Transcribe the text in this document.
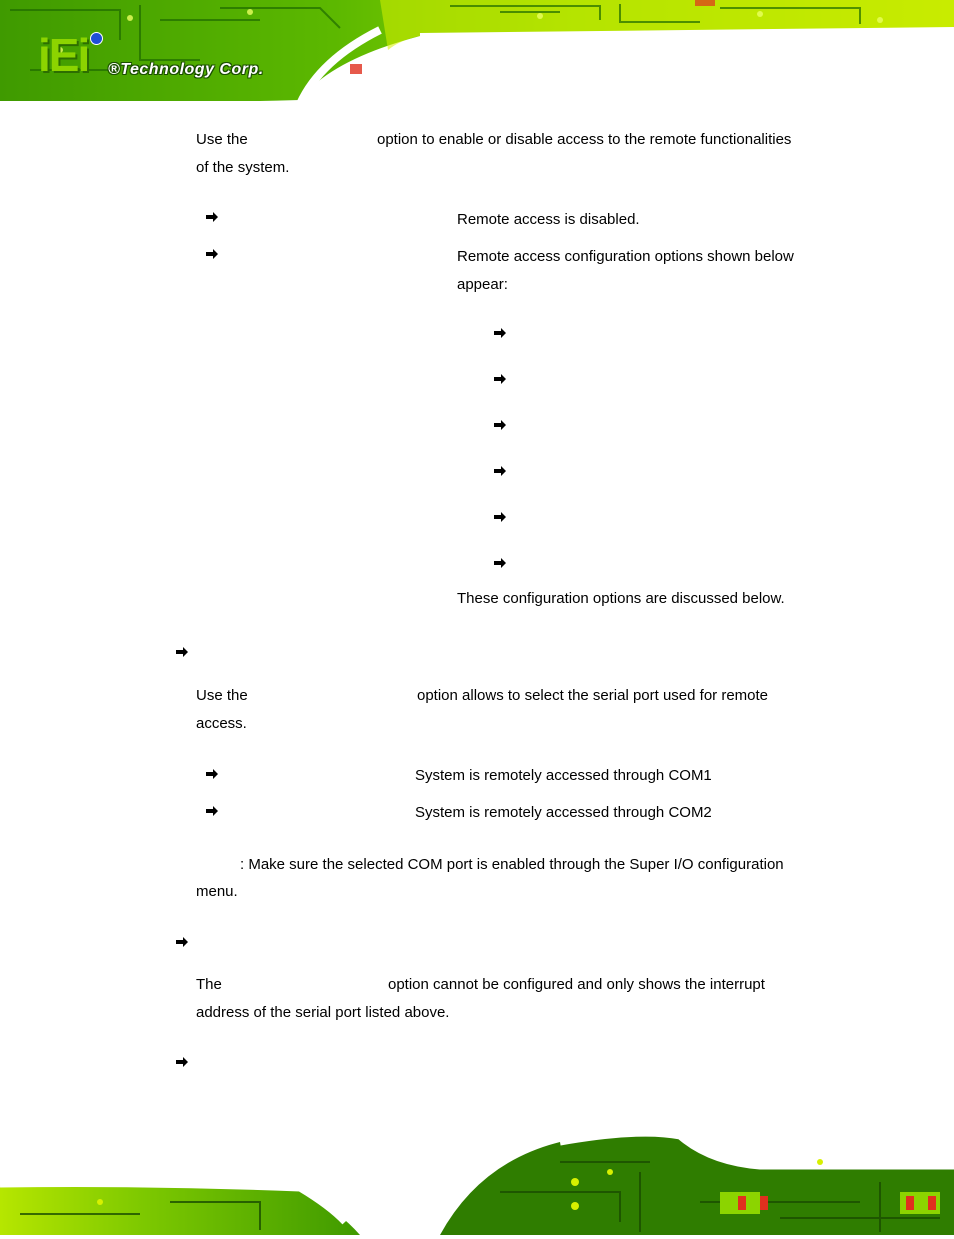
iEi ®Technology Corp.
Use the	option to enable or disable access to the remote functionalities
of the system.
Remote access is disabled.
Remote access configuration options shown below
appear:
These configuration options are discussed below.
Use the	option allows to select the serial port used for remote
access.
System is remotely accessed through COM1
System is remotely accessed through COM2
: Make sure the selected COM port is enabled through the Super I/O configuration
menu.
The	option cannot be configured and only shows the interrupt
address of the serial port listed above.
